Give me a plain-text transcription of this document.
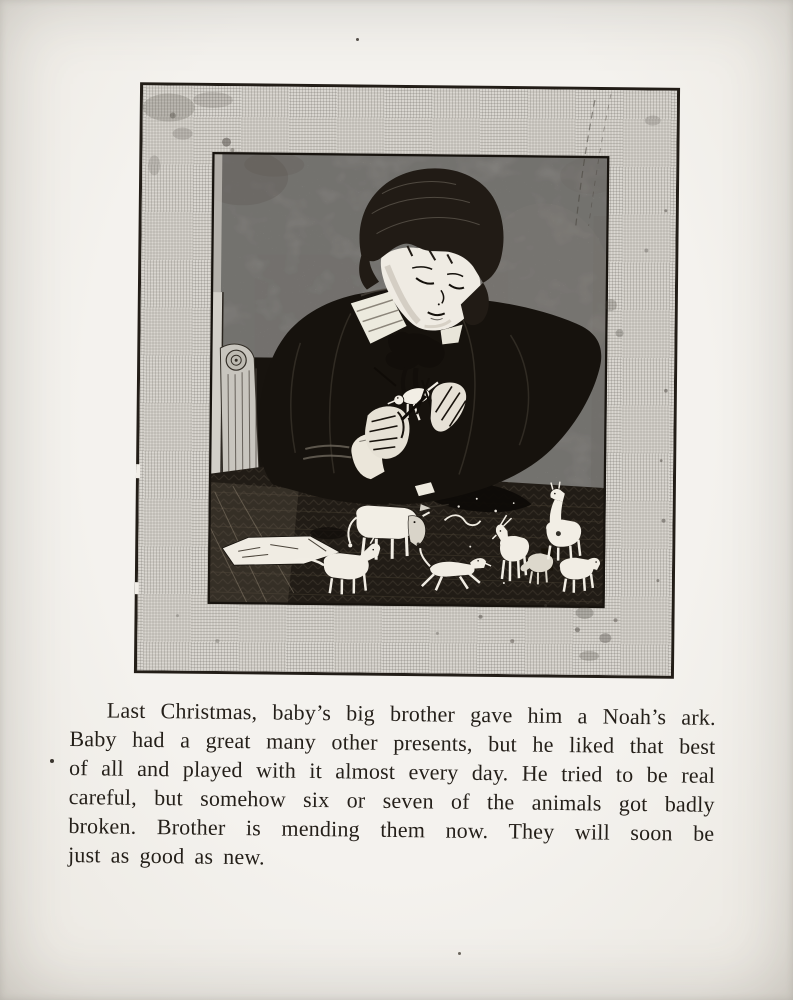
Last Christmas, baby’s big brother gave him a Noah’s ark.

Baby had a great many other presents, but he liked that best

of all and played with it almost every day. He tried to be real

careful, but somehow six or seven of the animals got badly

broken. Brother is mending them now. They will soon be

just as good as new.
